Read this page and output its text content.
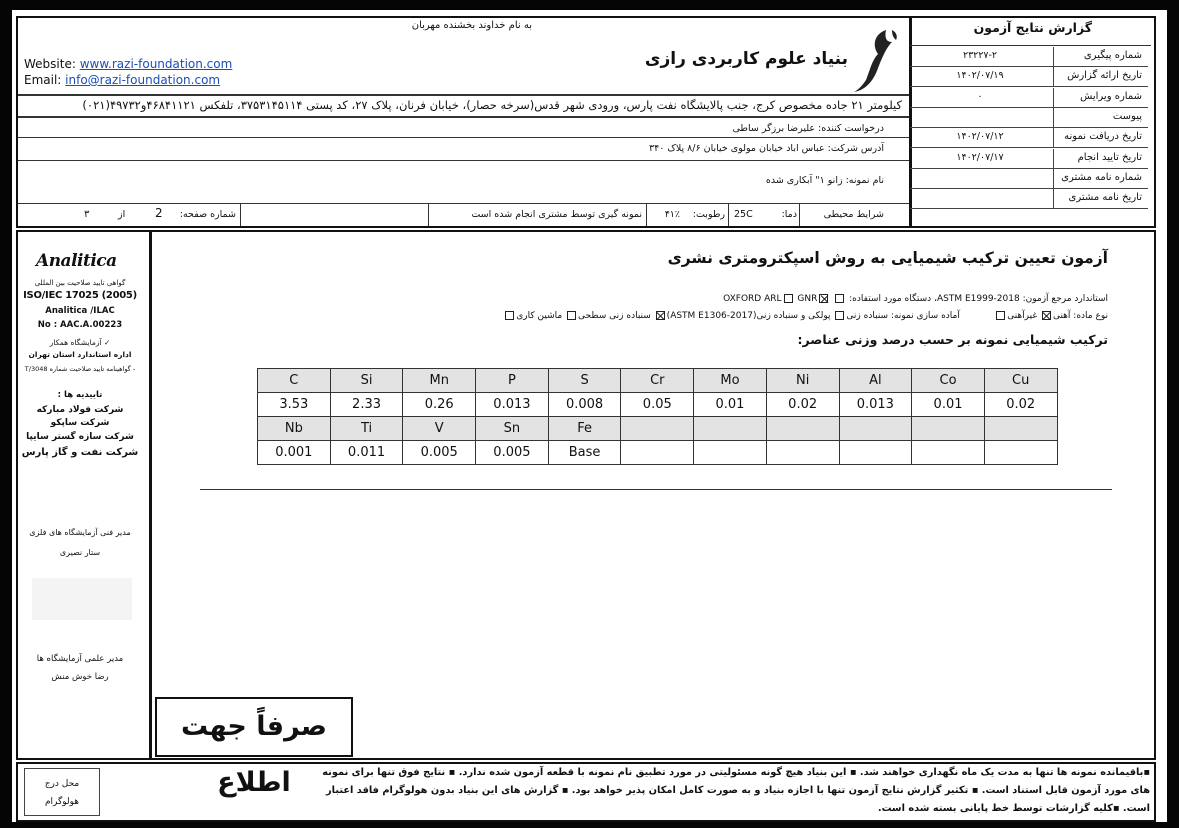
گزارش نتایج آزمون
۲۳۲۲۷-۲	شماره پیگیری
۱۴۰۲/۰۷/۱۹	تاریخ ارائه گزارش
۰	شماره ویرایش
پیوست
۱۴۰۲/۰۷/۱۲	تاریخ دریافت نمونه
۱۴۰۲/۰۷/۱۷	تاریخ تایید انجام
شماره نامه مشتری
تاریخ نامه مشتری
به نام خداوند بخشنده مهربان
بنیاد علوم کاربردی رازی
Website: www.razi-foundation.com
Email: info@razi-foundation.com
کیلومتر ۲۱ جاده مخصوص کرج، جنب پالایشگاه نفت پارس، ورودی شهر قدس(سرخه حصار)، خیابان فرنان، پلاک ۲۷، کد پستی ۳۷۵۳۱۴۵۱۱۴، تلفکس ۴۶۸۴۱۱۲۱و۴۹۷۳۲(۰۲۱)
درخواست کننده: علیرضا برزگر ساطی
آدرس شرکت: عباس اباد خیابان مولوی خیابان ۸/۶ پلاک ۳۴۰
نام نمونه: زانو ۱" آبکاری شده
شرایط محیطی
دما:
25C
رطوبت:
۴۱٪
نمونه گیری توسط مشتری انجام شده است
شماره صفحه:
2
از
۳
Analitica
گواهی تایید صلاحیت بین المللی
ISO/IEC 17025 (2005)
Analitica /ILAC
No : AAC.A.00223
✓ آزمایشگاه همکار
اداره استاندارد استان تهران
- گواهینامه تایید صلاحیت شماره T/3048
تاییدیه ها :
شرکت فولاد مبارکه
شرکت ساپکو
شرکت سازه گستر سایپا
شرکت نفت و گاز پارس
مدیر فنی آزمایشگاه های فلزی
ستار نصیری
مدیر علمی آزمایشگاه ها
رضا خوش منش
صرفاً جهت اطلاع
آزمون تعیین ترکیب شیمیایی به روش اسپکترومتری نشری
استاندارد مرجع آزمون: ASTM E1999-2018، دستگاه مورد استفاده:  GNR ARL OXFORD
نوع ماده: آهنی غیرآهنی            آماده سازی نمونه: سنباده زنی پولکی و سنباده زنی(ASTM E1306-2017) سنباده زنی سطحی ماشین کاری
ترکیب شیمیایی نمونه بر حسب درصد وزنی عناصر:
C	Si	Mn	P	S	Cr	Mo	Ni	Al	Co	Cu
3.53	2.33	0.26	0.013	0.008	0.05	0.01	0.02	0.013	0.01	0.02
Nb	Ti	V	Sn	Fe						
0.001	0.011	0.005	0.005	Base						
محل درج
هولوگرام
▪باقیمانده نمونه ها تنها به مدت یک ماه نگهداری خواهند شد. ▪ این بنیاد هیچ گونه مسئولیتی در مورد تطبیق نام نمونه با قطعه آزمون شده ندارد. ▪ نتایج فوق تنها برای نمونه
های مورد آزمون قابل استناد است. ▪ تکثیر گزارش نتایج آزمون تنها با اجازه بنیاد و به صورت کامل امکان پذیر خواهد بود. ▪ گزارش های این بنیاد بدون هولوگرام فاقد اعتبار
است. ▪کلیه گزارشات توسط خط پایانی بسته شده است.
